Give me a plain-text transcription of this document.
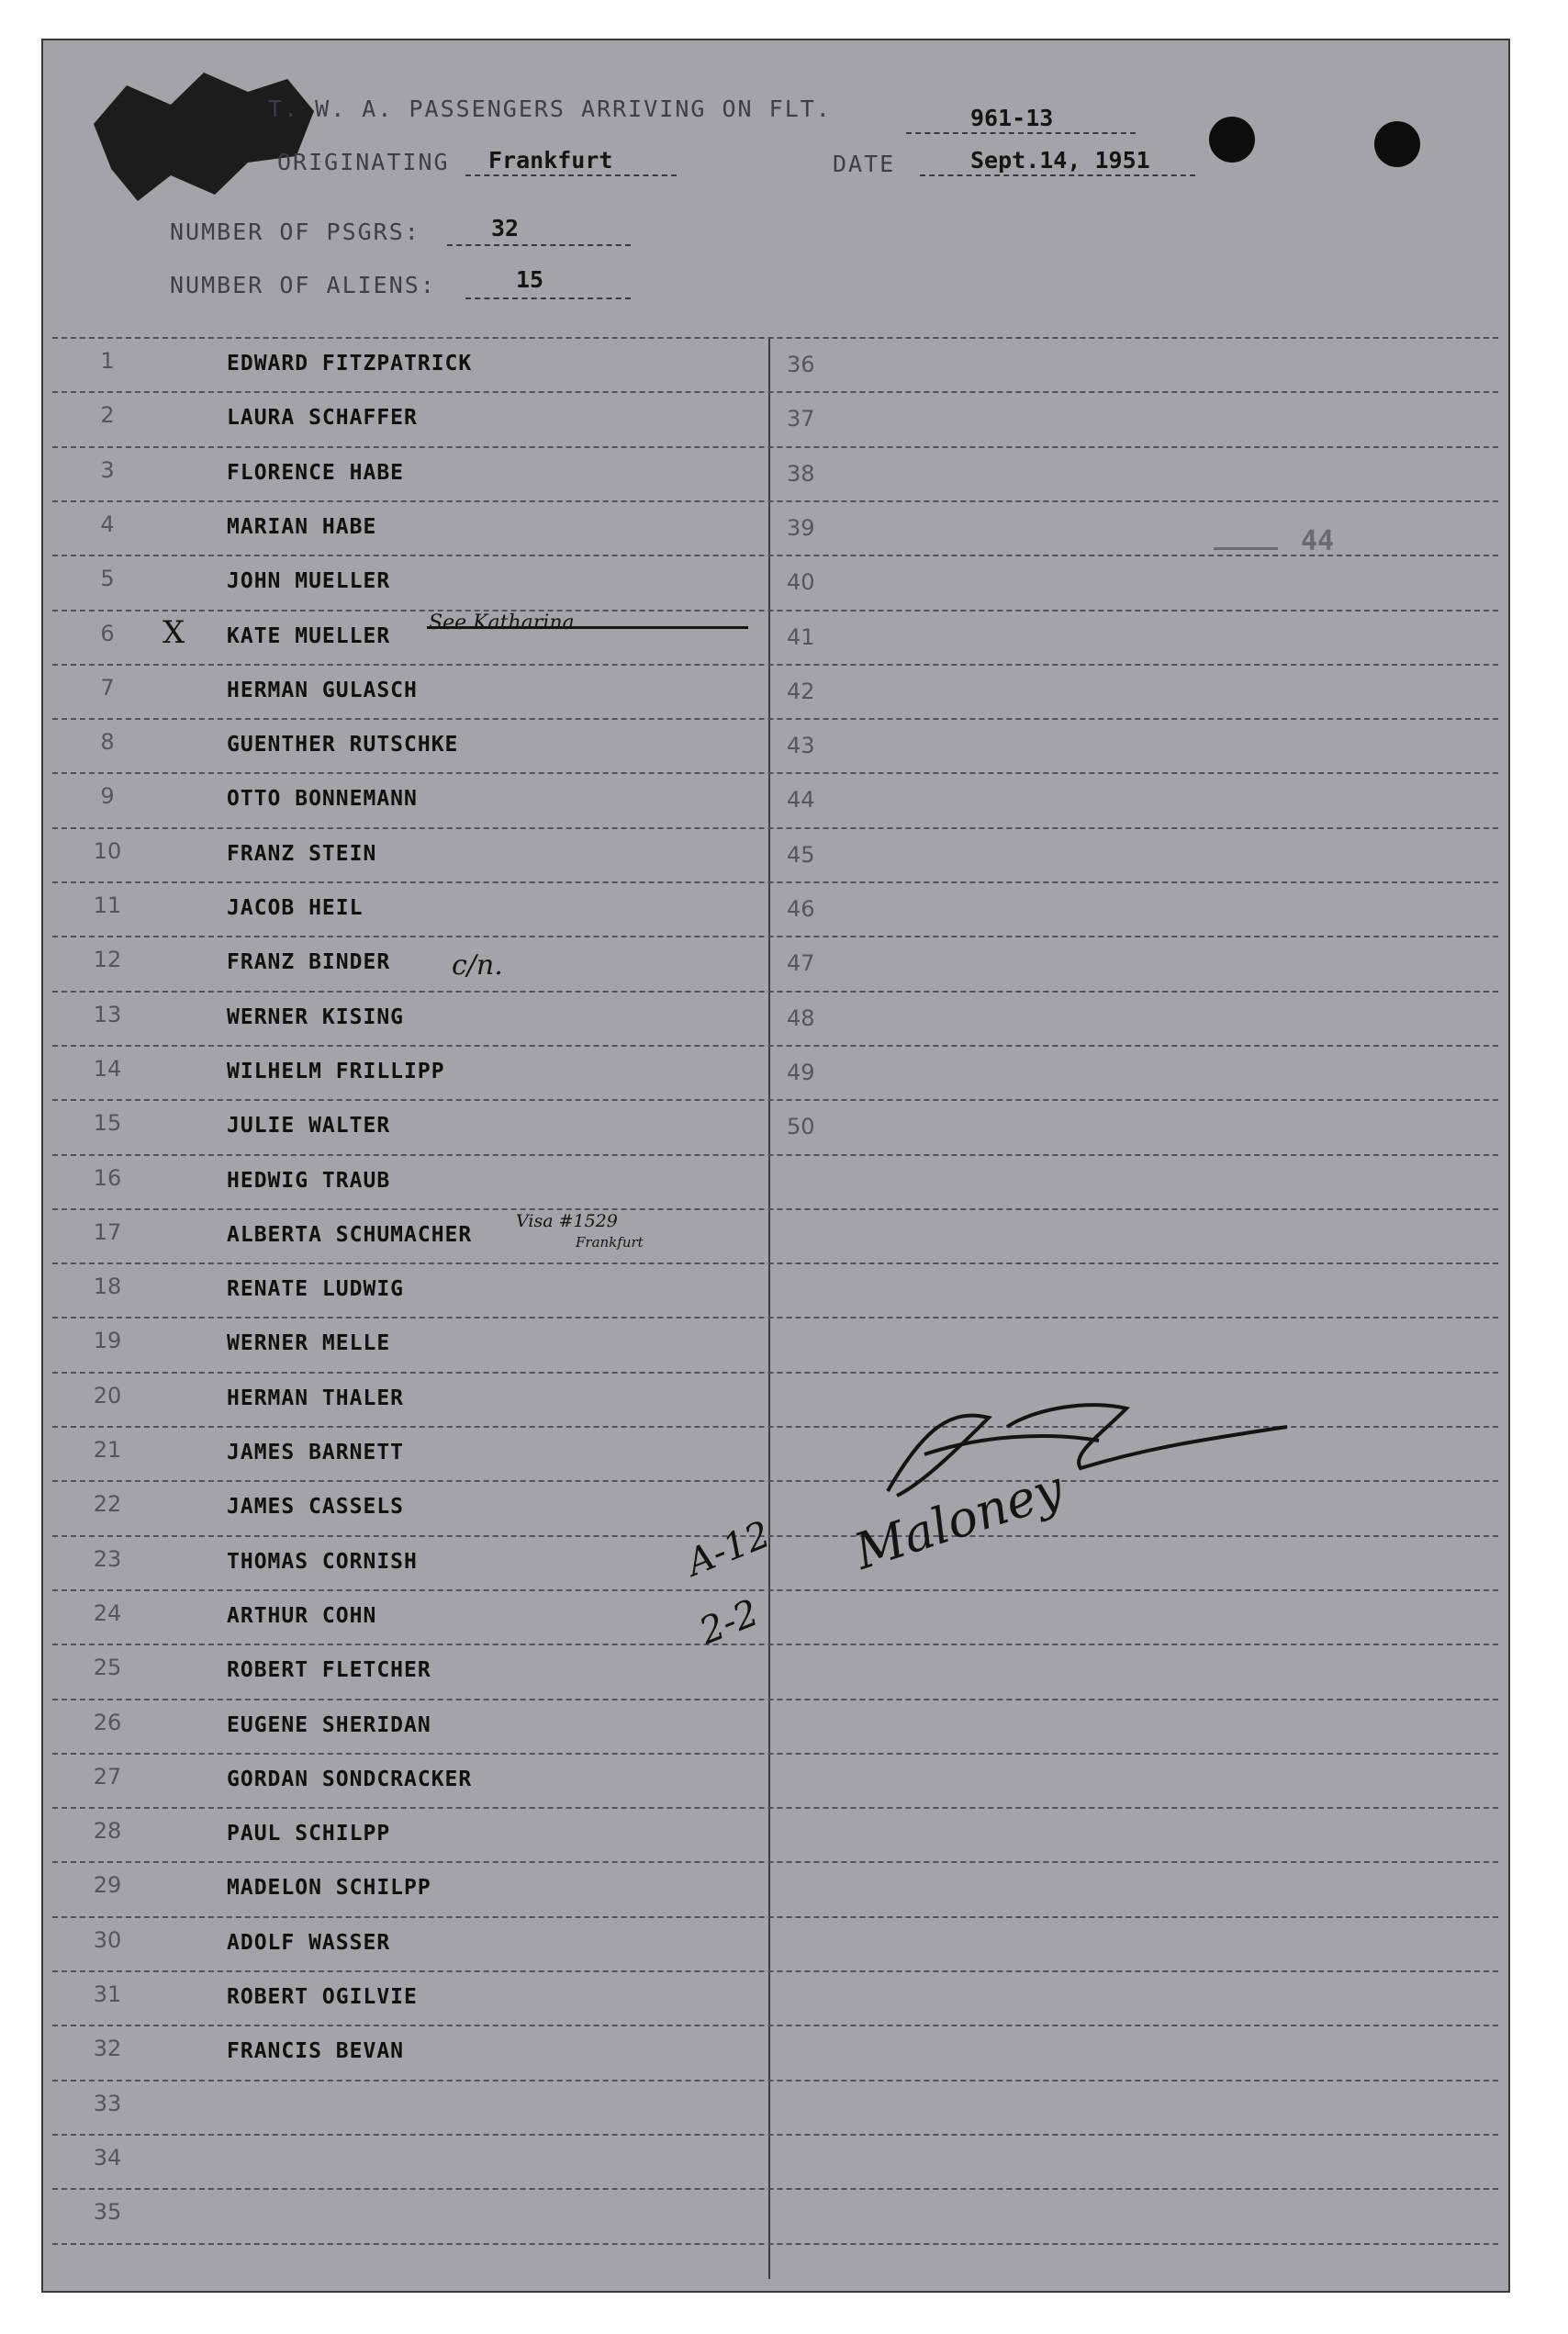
T. W. A. PASSENGERS ARRIVING ON FLT.	961-13
ORIGINATING Frankfurt	DATE	Sept.14, 1951
NUMBER OF PSGRS:	32
NUMBER OF ALIENS:	15
1	EDWARD FITZPATRICK
2	LAURA SCHAFFER
3	FLORENCE HABE
4	MARIAN HABE
5	JOHN MUELLER
6	KATE MUELLER
7	HERMAN GULASCH
8	GUENTHER RUTSCHKE
9	OTTO BONNEMANN
10	FRANZ STEIN
11	JACOB HEIL
12	FRANZ BINDER
13	WERNER KISING
14	WILHELM FRILLIPP
15	JULIE WALTER
16	HEDWIG TRAUB
17	ALBERTA SCHUMACHER
18	RENATE LUDWIG
19	WERNER MELLE
20	HERMAN THALER
21	JAMES BARNETT
22	JAMES CASSELS
23	THOMAS CORNISH
24	ARTHUR COHN
25	ROBERT FLETCHER
26	EUGENE SHERIDAN
27	GORDAN SONDCRACKER
28	PAUL SCHILPP
29	MADELON SCHILPP
30	ADOLF WASSER
31	ROBERT OGILVIE
32	FRANCIS BEVAN
33
34
35
36
37
38
39
40
41
42
43
44
45
46
47
48
49
50
X	See Katharina
c/n.
Visa #1529
Frankfurt
44
A-12
2-2
Maloney
